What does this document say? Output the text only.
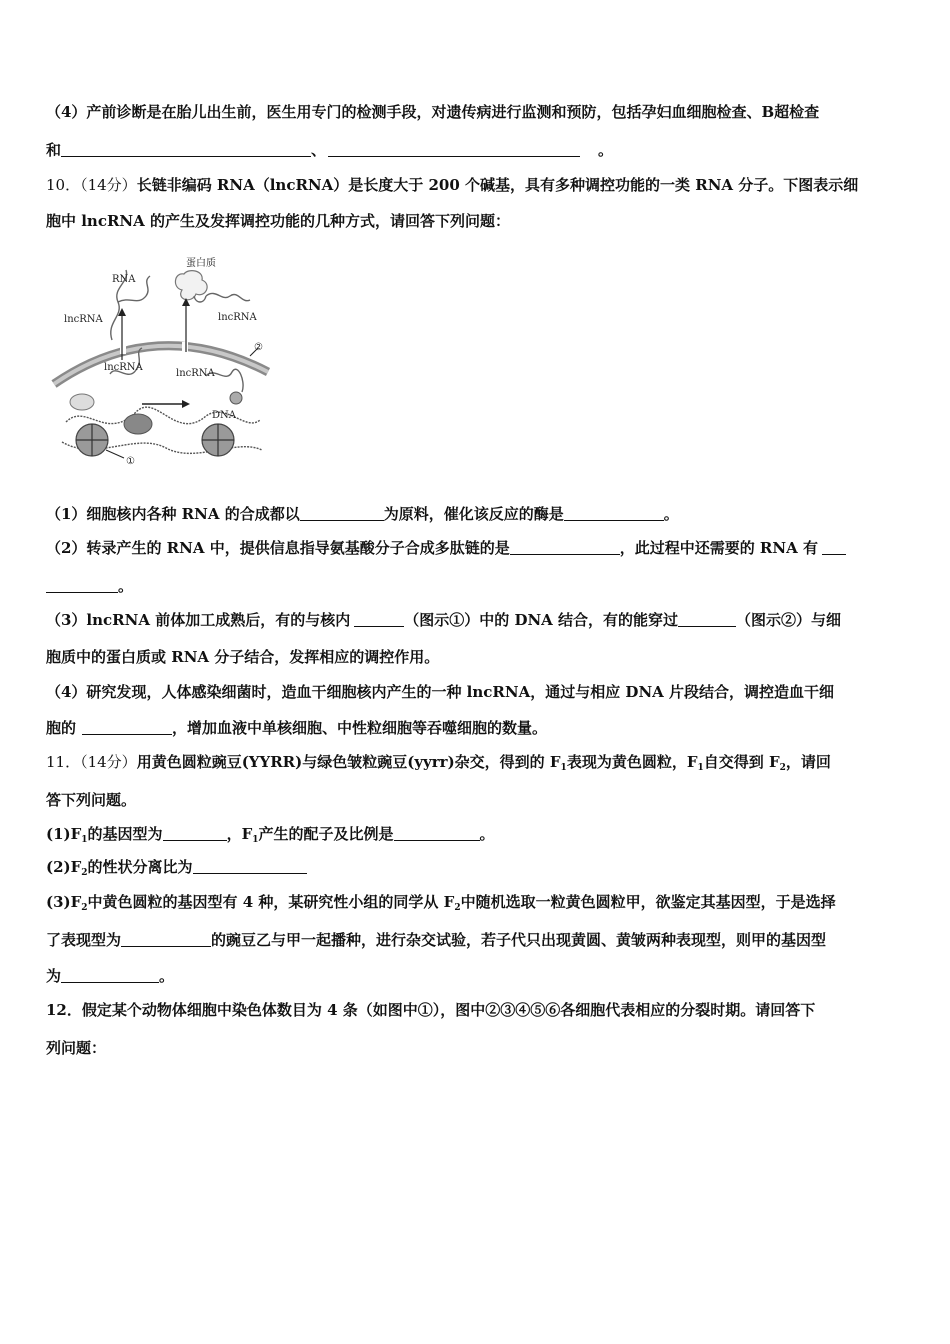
（4）产前诊断是在胎儿出生前，医生用专门的检测手段，对遗传病进行监测和预防，包括孕妇血细胞检查、B超检查
和	、	。
10．（14分）长链非编码 RNA（lncRNA）是长度大于 200 个碱基，具有多种调控功能的一类 RNA 分子。下图表示细
胞中 lncRNA 的产生及发挥调控功能的几种方式，请回答下列问题：
RNA
蛋白质
lncRNA	lncRNA
lncRNA
lncRNA
DNA
①
②
（1）细胞核内各种 RNA 的合成都以	为原料，催化该反应的酶是	。
（2）转录产生的 RNA 中，提供信息指导氨基酸分子合成多肽链的是	，此过程中还需要的 RNA 有
。
（3）lncRNA 前体加工成熟后，有的与核内	（图示①）中的 DNA 结合，有的能穿过	（图示②）与细
胞质中的蛋白质或 RNA 分子结合，发挥相应的调控作用。
（4）研究发现，人体感染细菌时，造血干细胞核内产生的一种 lncRNA，通过与相应 DNA 片段结合，调控造血干细
胞的	，增加血液中单核细胞、中性粒细胞等吞噬细胞的数量。
11．（14分）用黄色圆粒豌豆(YYRR)与绿色皱粒豌豆(yyrr)杂交，得到的 $F_1$表现为黄色圆粒，$F_1$自交得到 $F_2$，请回
答下列问题。
$(1)F_1$的基因型为	，$F_1$产生的配子及比例是	。
$(2)F_2$的性状分离比为
$(3)F_2$中黄色圆粒的基因型有 4 种，某研究性小组的同学从 $F_2$中随机选取一粒黄色圆粒甲，欲鉴定其基因型，于是选择
了表现型为	的豌豆乙与甲一起播种，进行杂交试验，若子代只出现黄圆、黄皱两种表现型，则甲的基因型
为	。
12．假定某个动物体细胞中染色体数目为 4 条（如图中①），图中②③④⑤⑥各细胞代表相应的分裂时期。请回答下
列问题：
